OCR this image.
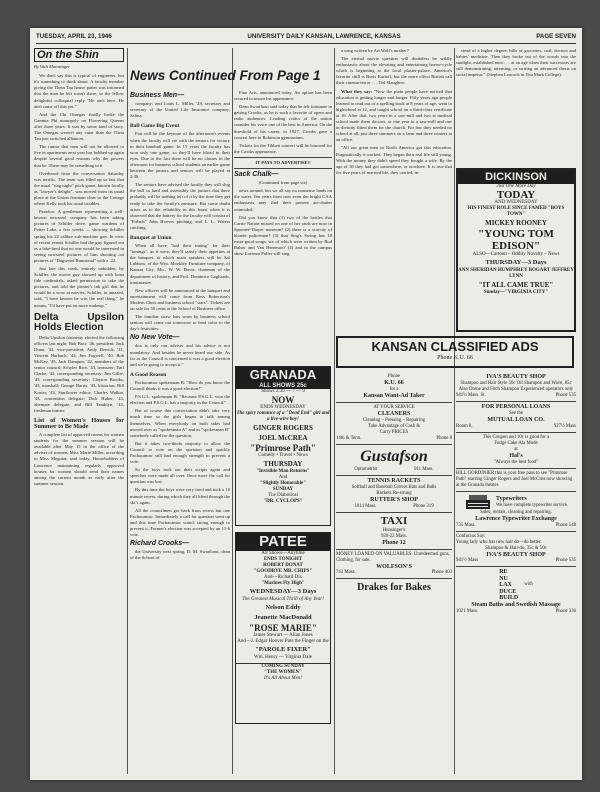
TUESDAY, APRIL 23, 1946	UNIVERSITY DAILY KANSAN, LAWRENCE, KANSAS	PAGE SEVEN
On the Shin

By Walt Mainzinger

We don't say this is typical of engineers, but it's something to think about. A faculty member giving the Theta Tau house patter was informed that the man he left wasn't there, so the fellow delightful colloquial reply "He ain't here. He ain't came off this yet."

And the Chi Omegas finally broke the Gamma Phi monopoly on Flowering Queens after three years. It was by some kind of story. The Omegas weren't any cuter than the Theta Tau just switched alliances.

The rumor that men will not be allowed to live in apartments next year has bobbed up again despite several good reasons why the powers that be. There may be something to it.

Overheard from the conversation Saturday was terrific. The team was filled up so fast that the usual "stag night" pitch game, known locally as "lawyer's delight", was moved from its usual place at the Union fountain clear to the Cottage where Kelly took his usual troubles.

Paradox: A gentleman representing a well-known newsreel company has been taking pictures of Schiller drive, game wardens of Potter Lake, a few weeks — showing Schiller spring his 22 calibre sub-machine gun. In view of recent events Schiller had the guy figured out as a lake-bred that no one would be interested in seeing newsreel pictures of him shooting cut pictures of "Dagwood Bumstead" with a .22.

Just late this week, entirely unbidden, by Schiller, the movie guy showed up with bona fide credentials, asked permission to take the pictures, and told the printer's ink girl that he would be a wow at movies. Schiller, in amazed, said, "I have known he was the real thing," he moans, "I'd have put on more makeup."

Delta Upsilon Holds Election

Delta Upsilon fraternity elected the following officers last night: Bob Bacr, '46, president; Jack Dunn, '42, vice-president; Andy Derrick, '41, Vincent Harbach, '43, Jim Fogwell, '40, Bob McKay, '45, Jack Danquin, '42, members of the senior council; Schyler Rice, '43, treasurer; Earl Clarke, '42, corresponding secretary; Jim Gillie, '43, corresponding secretary; Clayton Brooks, '43, marshall; George Harris, '43, historian; Bill Koster, '43, Sunflower editor; Charles Walker, '43, convention delegate; Dick Huber, '43, alternate delegate, and Bill Tamblyn, '43, freshman trainer.

List of Women's Houses for Summer to Be Made

A complete list of approved rooms for women students for the summer session will be available after May 15 in the office of the adviser of women, Miss Marie Miller, according to Miss Meguiar, said today. Householders of Lawrence maintaining regularly approved houses for women should send their names among the current month as early after the summer session.

News Continued From Page 1
Business Men—

company; and Louis L. Miller, '28, secretary and secretary of the United Life Insurance company, Salina.

Ball Game Big Event

Fun will be the keynote of the afternoon's events when the faculty will vie with the seniors for victory in their baseball game. In 15 years the faculty has won only one game, so they'll have blood in their eyes. Due to the fact there will be no classes in the afternoon for business school students an earlier game between the juniors and seniors will be played at 2:30.

The seniors have advised the faculty they will slug the ball so hard and ostensibly the juniors that there probably will be nothing left of it by the time they get ready to take the faculty's measure. But some doubt arises as to the reliability in this boast when it is observed that the battery for the faculty will consist of "Firbals" John Hoover pitching, and L. L. Waters catching.

Banquet at Union

When all have "had their inning" for their "innings", as it were, they'll satisfy their appetites at the banquet, at which main speakers will be Sal Lubbow, of the Wm. Mookley Furniture company, of Kansas City, Mo., W. W. Davis, chairman of the department of history, and Prof. Dominico Gagliardo, toastmaster.

New officers will be announced at the banquet and entertainment will come from Ross Robertson's Modern Choir and business school "stars". Tickets are on sale for 50 cents at the School of Business office.

The familiar straw hats worn by business school seniors will come out tomorrow to lend color to the day's festivities.

No New Vote—

dox is only our adviser and his advice is not mandatory. And besides he never heard our side. As far as the Council is concerned it was a good election and we're going to accept it."

A Good Reason

Pachacamac spokesman B: "How do you know the Council thinks it was a good election?"

P.S.G.L. spokesman B: "Because P.S.G.L. won the election and P.S.G.L. has a majority in the Council."

But of course this conversation didn't take very much time so the girls began to talk among themselves. When everybody on both sides had moved over as "spokesman A" and as "spokesman B" somebody called for the question.

But it takes two-thirds majority to allow the Council to vote on the question and quickly Pachacamac still had enough strength to prevent a vote.

So the boys took out their scripts again and speeches were made all over. Once more the call for question was lost.

By this time the boys were very tired and took a 10 minute recess, during which they all lifted through the ski’s again.

All the councilmen got back from recess but one Pachacamac. Immediately a call for question went up and this time Pachacamac wasn't strong enough to prevent it. Former's election was accepted by an 11-6 vote.

Richard Crooks—

the University next spring, D. M. Swarthout, dean of the School of

Fine Arts, announced today. An option has been secured to insure his appearance.

Dean Swarthout said today that he felt fortunate in getting Crooks, as he is such a favorite of opera and radio audiences. Leading critics of the nation consider his voice one of the best in America. On the threshold of his career, in 1927, Crooks gave a concert here to Robinson gymnasium.

Tickets for the Tibbett concert will be honored for the Crooks appearance.

IT PAYS TO ADVERTISE!!

Sack Chalk—

(Continued from page six)

news around, but we all say no nonsense lands on the water. Ten years from now even the bright CAA enthusiasts may find their present air-chatter outmoded.

Did you know that (1) two of the bottles that Carrie Nation missed on one of her raids are now in Spooner-Thayer museum? (2) there is a scarcity of blonde policemen? (3) that Sing's Swing has 10 extra-good songs, six of which were written by Bud Balser and Van Hereeson? (4) and in the campus show Lorenzo Fuller will sing

GRANADA
ALL SHOWS 25c
Shows 2:30 — 7 — 9
NOW
ENDS WEDNESDAY
The spicy romance of a "Dead End" girl and a live-wire boy!
GINGER ROGERS
JOEL McCREA
"Primrose Path"
Comedy • Travel • News
THURSDAY
"Invisible Man Returns"
And
"Slightly Honorable"
SUNDAY
The Diabolical
"DR. CYCLOPS"
PATEE
All Shows—Anytime
ENDS TONIGHT
ROBERT DONAT
"GOODBYE MR. CHIPS"
And—Richard Dix
"Marines Fly High"
WEDNESDAY—3 Days
The Greatest Musical Thrill of Any Year!
Nelson Eddy
Jeanette MacDonald
"ROSE MARIE"
James Stewart — Allan Jones
And—J. Edgar Hoover Puts the Finger on the
"PAROLE FIXER"
Wm. Henry — Virginia Dale
COMING SUNDAY
"THE WOMEN"
It's All About Men!

a song written by Art Wolf's mother?

The eternal movie question will doubtless be wildly enthusiastic about the elevating and entertaining horror-cycle which is beginning at the local plaster-palace. America's favorite chill is Boris Karloff, but the more effect British call their cinema-terror . . . Ted Slaughter.

What they say: "Now the plain people have noticed that education is getting longer and longer. Fifty years ago people learned to read out of a spelling book at 8 years of age, went to highschool at 12, and taught school on a third-class certificate at 16. After that, two years in a saw-mill and two at medical school made them doctors, or one year in a saw-mill and one in divinity fitted them for the church. For law they needed no school at all, just three summers on a farm and three winters at an office.

"All our great men in North America got this education. Pragmatically it worked. They began their real life still young. With the money they didn't spend they bought a wife. By the age of 30 they had got somewhere, or nowhere. It is true that for five years of married life, they carried, in-

KANSAN CLASSIFIED ADS
Phone K.U. 66
Phone
K.U. 66
for a
Kansan Want-Ad Taker
AT YOUR SERVICE
CLEANERS
Cleaning – Pressing – Repairing
Take Advantage of Cash &
Carry PRICES
14th & Tenn.	Phone 8
Gustafson
Optometrist	911 Mass.
TENNIS RACKETS
Softball and Baseball Gloves Bats and Balls
Rackets Re-strung
RUTTER'S SHOP
1014 Mass.	Phone 319
TAXI
Hunsinger's
920-22 Mass.
Phone 12
MONEY LOANED ON VALUABLES. Unredeemed guns, Clothing, for sale.
WOLFSON'S
743 Mass.	Phone 403
Drakes for Bakes

stead of a higher degree, bills of groceries, coal, doctors and babies' medicine. Then they broke out of the woods into the sunlight, established men . . . at an age when their successors are still demonstrating, interning, or writing an advanced thesis on social impetus." (Stephen Leacock in You Mark College).

DICKINSON
Just One More Day
TODAY
AND WEDNESDAY
HIS FINEST ROLE SINCE FAMED "BOYS TOWN"
MICKEY ROONEY
"YOUNG TOM EDISON"
ALSO—Cartoon – Oddity Novelty – News
THURSDAY—3 Days
ANN SHERIDAN HUMPHREY BOGART JEFFREY LYNN
"IT ALL CAME TRUE"
Sunday—"VIRGINIA CITY"
IVA'S BEAUTY SHOP
Shampoo and Hair Style 50c Oil Shampoo and Wave, 85c Also Drene and Fitch Shampoo Experienced operators only
941½ Mass. St.	Phone 535
FOR PERSONAL LOANS
See the
MUTUAL LOAN CO.
Room 8,	927½ Mass
This Coupon and 10c is good for a
Fudge Cake Ala Mode
at
Hal's
"Always the best food"
BILL GORDINIER this is your free pass to see "Primrose Path" starring Ginger Rogers and Joel McCrea now showing at the Granada theater.
Typewriters
We have complete typewriter service.
Sales, rentals, cleaning and repairing.
Lawrence Typewriter Exchange
735 Mass.	Phone 548
Confucius Say:
Young lady who has new hair do—do better.
Shampoo & Hair-do, 35c & 50c
IVA'S BEAUTY SHOP
941½ Mass	Phone 535
RE
NU
LAX
DUCE
BUILD
with
Steam Baths and Swedish Massage
1021 Mass.	Phone 336
